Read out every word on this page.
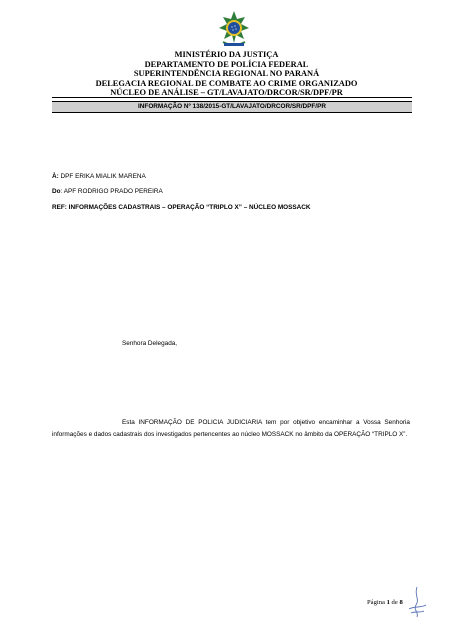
MINISTÉRIO DA JUSTIÇA
DEPARTAMENTO DE POLÍCIA FEDERAL
SUPERINTENDÊNCIA REGIONAL NO PARANÁ
DELEGACIA REGIONAL DE COMBATE AO CRIME ORGANIZADO
NÚCLEO DE ANÁLISE – GT/LAVAJATO/DRCOR/SR/DPF/PR
INFORMAÇÃO Nº 138/2015-GT/LAVAJATO/DRCOR/SR/DPF/PR
À: DPF ERIKA MIALIK MARENA
Do: APF RODRIGO PRADO PEREIRA
REF: INFORMAÇÕES CADASTRAIS – OPERAÇÃO “TRIPLO X” – NÚCLEO MOSSACK
Senhora Delegada,
Esta INFORMAÇÃO DE POLICIA JUDICIARIA tem por objetivo encaminhar a Vossa Senhoria informações e dados cadastrais dos investigados pertencentes ao núcleo MOSSACK no âmbito da OPERAÇÃO “TRIPLO X”.
Página 1 de 8
